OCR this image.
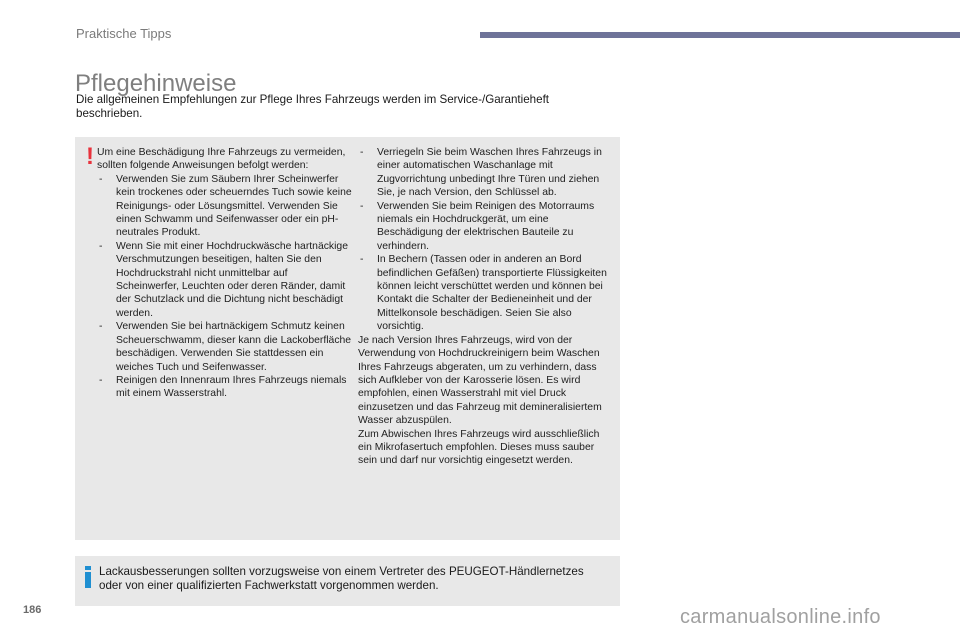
Praktische Tipps
Pflegehinweise
Die allgemeinen Empfehlungen zur Pflege Ihres Fahrzeugs werden im Service-/Garantieheft beschrieben.
! Um eine Beschädigung Ihre Fahrzeugs zu vermeiden, sollten folgende Anweisungen befolgt werden:

- Verwenden Sie zum Säubern Ihrer Scheinwerfer kein trockenes oder scheuerndes Tuch sowie keine Reinigungs- oder Lösungsmittel. Verwenden Sie einen Schwamm und Seifenwasser oder ein pH-neutrales Produkt.
- Wenn Sie mit einer Hochdruckwäsche hartnäckige Verschmutzungen beseitigen, halten Sie den Hochdruckstrahl nicht unmittelbar auf Scheinwerfer, Leuchten oder deren Ränder, damit der Schutzlack und die Dichtung nicht beschädigt werden.
- Verwenden Sie bei hartnäckigem Schmutz keinen Scheuerschwamm, dieser kann die Lackoberfläche beschädigen. Verwenden Sie stattdessen ein weiches Tuch und Seifenwasser.
- Reinigen den Innenraum Ihres Fahrzeugs niemals mit einem Wasserstrahl.
- Verriegeln Sie beim Waschen Ihres Fahrzeugs in einer automatischen Waschanlage mit Zugvorrichtung unbedingt Ihre Türen und ziehen Sie, je nach Version, den Schlüssel ab.
- Verwenden Sie beim Reinigen des Motorraums niemals ein Hochdruckgerät, um eine Beschädigung der elektrischen Bauteile zu verhindern.
- In Bechern (Tassen oder in anderen an Bord befindlichen Gefäßen) transportierte Flüssigkeiten können leicht verschüttet werden und können bei Kontakt die Schalter der Bedieneinheit und der Mittelkonsole beschädigen. Seien Sie also vorsichtig.

Je nach Version Ihres Fahrzeugs, wird von der Verwendung von Hochdruckreinigern beim Waschen Ihres Fahrzeugs abgeraten, um zu verhindern, dass sich Aufkleber von der Karosserie lösen. Es wird empfohlen, einen Wasserstrahl mit viel Druck einzusetzen und das Fahrzeug mit demineralisiertem Wasser abzuspülen.

Zum Abwischen Ihres Fahrzeugs wird ausschließlich ein Mikrofasertuch empfohlen. Dieses muss sauber sein und darf nur vorsichtig eingesetzt werden.

Lackausbesserungen sollten vorzugsweise von einem Vertreter des PEUGEOT-Händlernetzes oder von einer qualifizierten Fachwerkstatt vorgenommen werden.
186	carmanualsonline.info
